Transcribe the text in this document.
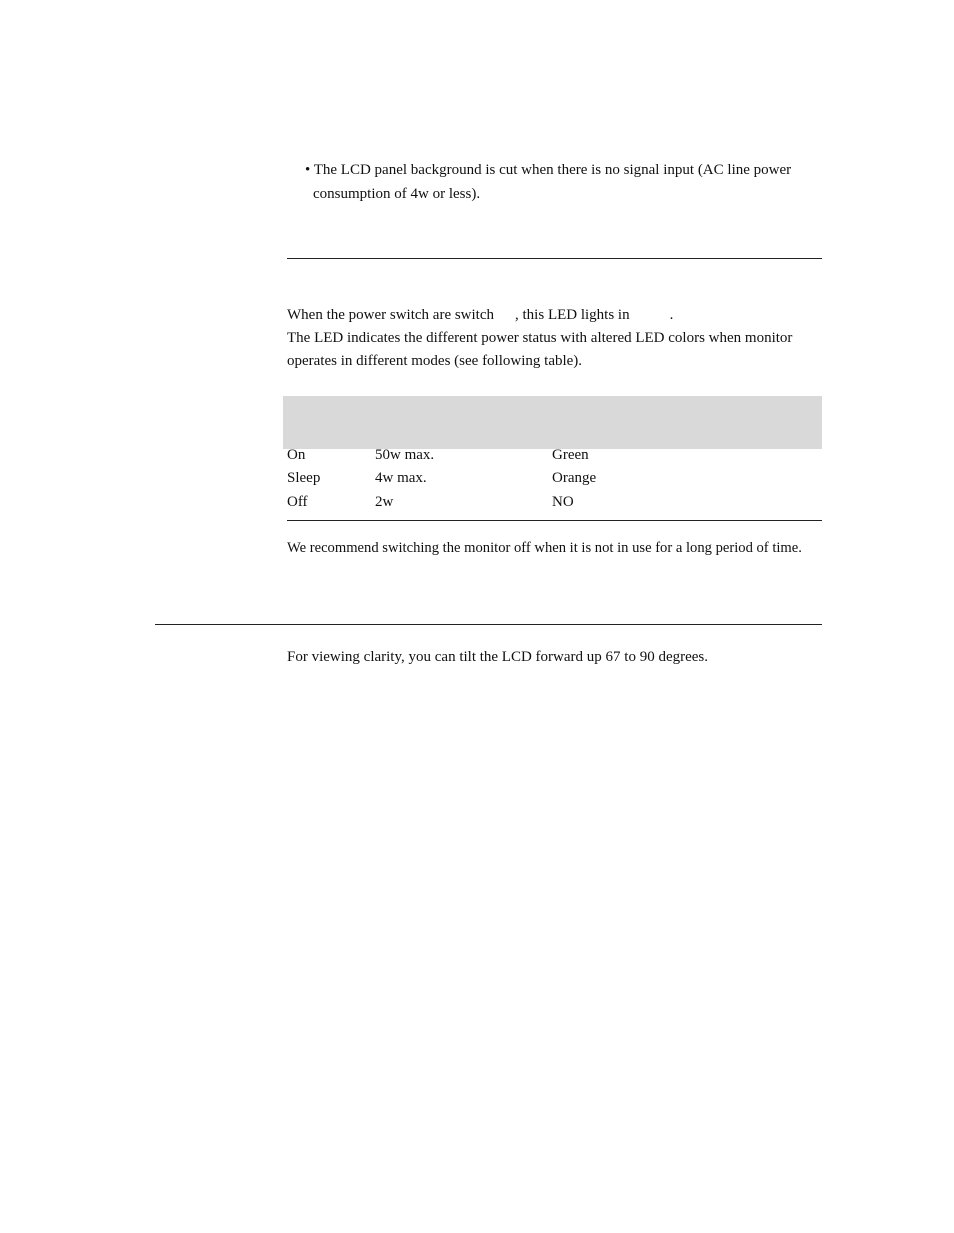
• The LCD panel background is cut when there is no signal input (AC line power
consumption of 4w or less).
When the power switch are switch , this LED lights in	.
The LED indicates the different power status with altered LED colors when monitor
operates in different modes (see following table).
On	50w max.	Green
Sleep	4w max.	Orange
Off	2w	NO
We recommend switching the monitor off when it is not in use for a long period of time.
For viewing clarity, you can tilt the LCD forward up 67 to 90 degrees.
